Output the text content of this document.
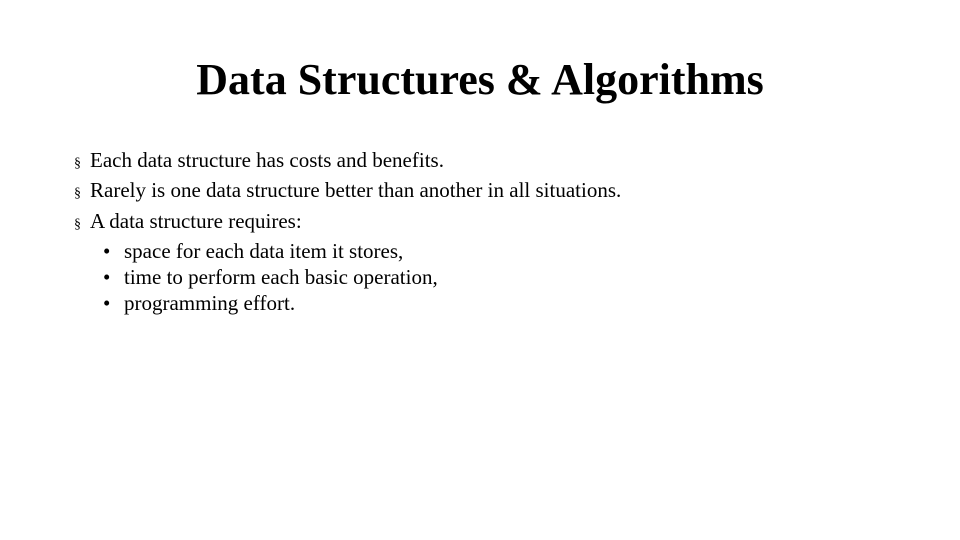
Data Structures & Algorithms
§ Each data structure has costs and benefits.
§ Rarely is one data structure better than another in all situations.
§ A data structure requires:
• space for each data item it stores,
• time to perform each basic operation,
• programming effort.
